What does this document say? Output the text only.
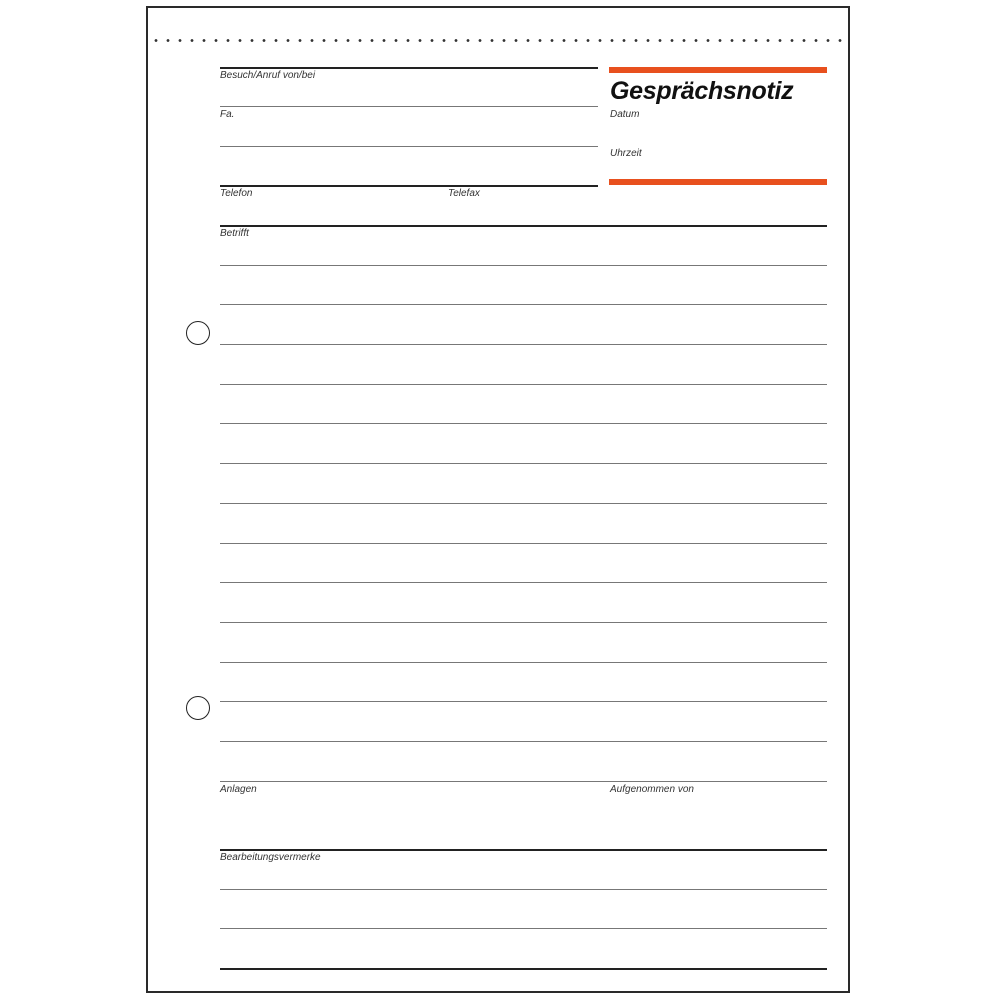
Besuch/Anruf von/bei
Fa.
Telefon	Telefax
Gesprächsnotiz
Datum
Uhrzeit
Betrifft
Anlagen	Aufgenommen von
Bearbeitungsvermerke
